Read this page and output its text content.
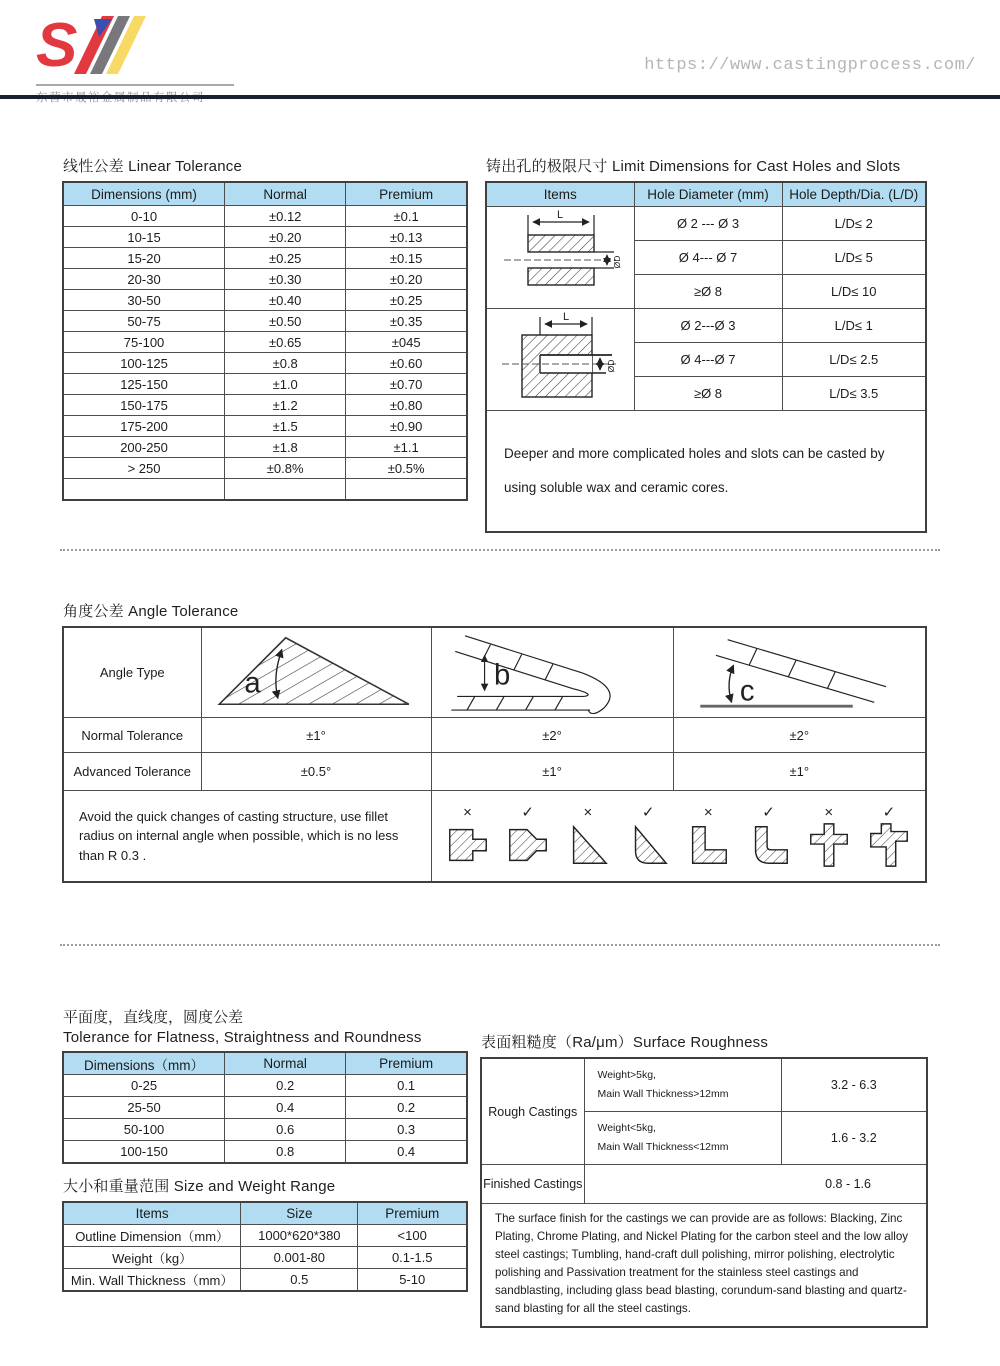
S	https://www.castingprocess.com/
线性公差 Linear Tolerance
Dimensions (mm)	Normal	Premium
0-10	±0.12	±0.1
10-15	±0.20	±0.13
15-20	±0.25	±0.15
20-30	±0.30	±0.20
30-50	±0.40	±0.25
50-75	±0.50	±0.35
75-100	±0.65	±045
100-125	±0.8	±0.60
125-150	±1.0	±0.70
150-175	±1.2	±0.80
175-200	±1.5	±0.90
200-250	±1.8	±1.1
> 250	±0.8%	±0.5%

铸出孔的极限尺寸 Limit Dimensions for Cast Holes and Slots
Items	Hole Diameter (mm)	Hole Depth/Dia. (L/D)

L
ØD	Ø 2 --- Ø 3	L/D≤ 2
	Ø 4--- Ø 7	L/D≤ 5
	≥Ø 8	L/D≤ 10

L
ØD	Ø 2---Ø 3	L/D≤ 1
	Ø 4---Ø 7	L/D≤ 2.5
	≥Ø 8	L/D≤ 3.5
Deeper and more complicated holes and slots can be casted by using soluble wax and ceramic cores.		
角度公差 Angle Tolerance
Angle Type	a	b	c

Normal Tolerance	±1°	±2°	±2°
Advanced Tolerance	±0.5°	±1°	±1°
Avoid the quick changes of casting structure, use fillet radius on internal angle when possible, which is no less than R 0.3 .	
×	✓	×	✓	×	✓	×	✓
平面度，直线度，圆度公差
Tolerance for Flatness, Straightness and Roundness
Dimensions（mm）	Normal	Premium
0-25	0.2	0.1
25-50	0.4	0.2
50-100	0.6	0.3
100-150	0.8	0.4
大小和重量范围 Size and Weight Range
Items	Size	Premium
Outline Dimension（mm）	1000*620*380	<100
Weight（kg）	0.001-80	0.1-1.5
Min. Wall Thickness（mm）	0.5	5-10
表面粗糙度（Ra/μm）Surface Roughness
Rough Castings	Weight>5kg,
Main Wall Thickness>12mm	3.2 - 6.3

	Weight<5kg,
Main Wall Thickness<12mm	1.6 - 3.2
Finished Castings	0.8 - 1.6	
The surface finish for the castings we can provide are as follows: Blacking, Zinc Plating, Chrome Plating, and Nickel Plating for the carbon steel and the low alloy steel castings; Tumbling, hand-craft dull polishing, mirror polishing, electrolytic polishing and Passivation treatment for the stainless steel castings and sandblasting, including glass bead blasting, corundum-sand blasting and quartz-sand blasting for all the steel castings.		
